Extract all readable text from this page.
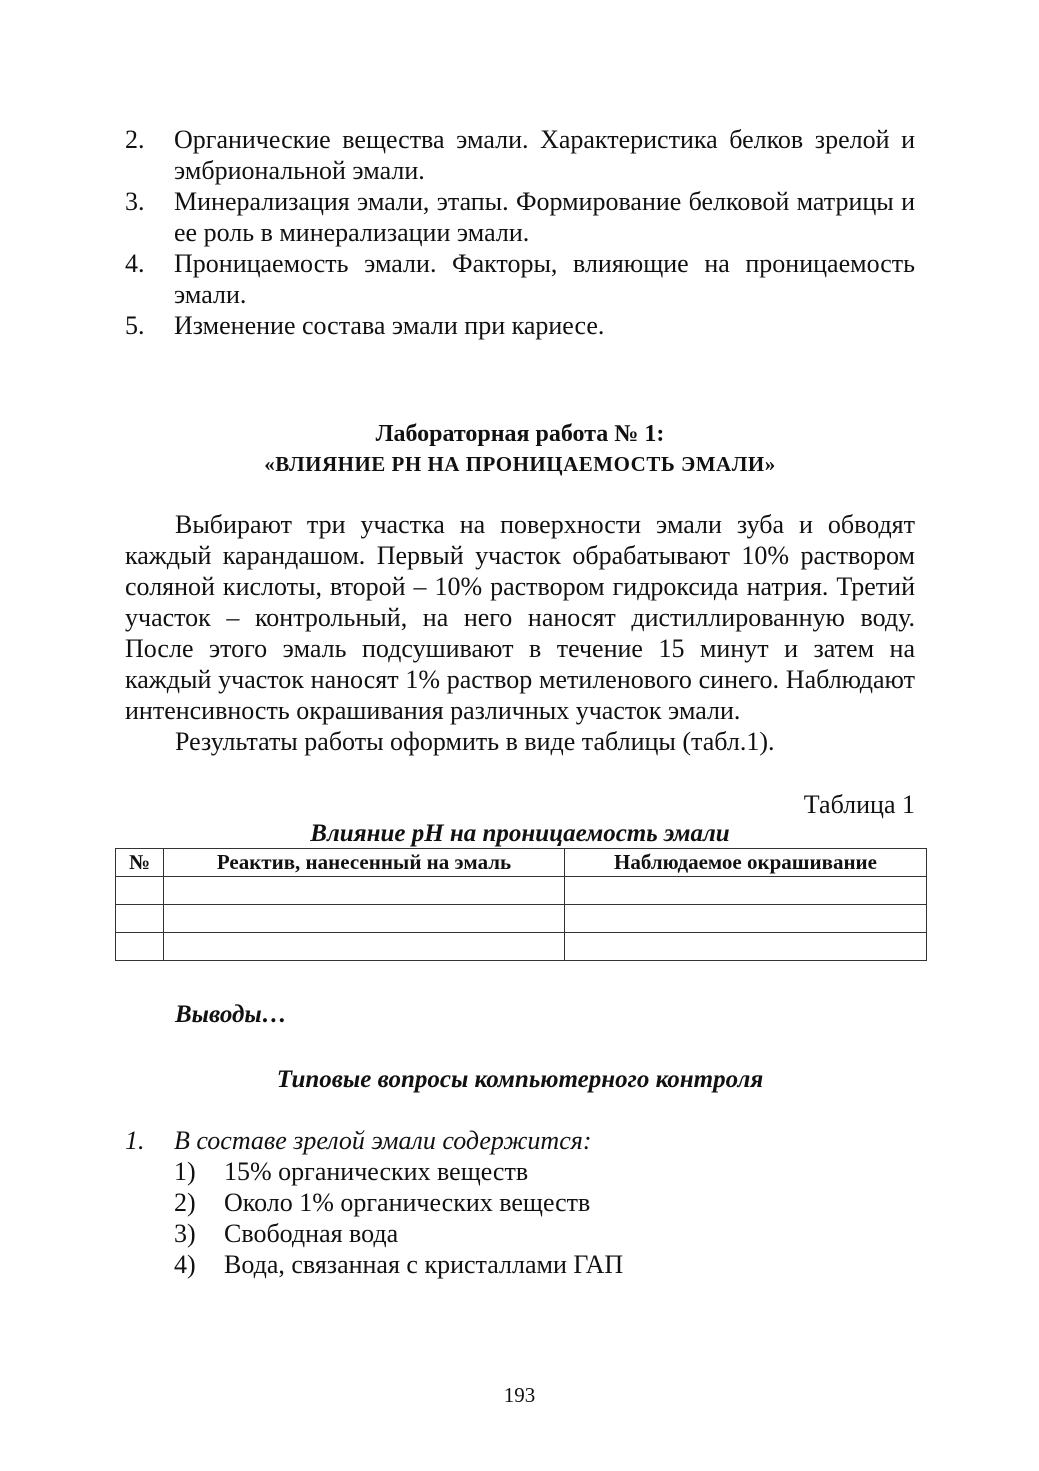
2.	Органические вещества эмали. Характеристика белков зрелой и эмбриональной эмали.
3.	Минерализация эмали, этапы. Формирование белковой матрицы и ее роль в минерализации эмали.
4.	Проницаемость эмали. Факторы, влияющие на проницаемость эмали.
5.	Изменение состава эмали при кариесе.
Лабораторная работа № 1:
«ВЛИЯНИЕ PH НА ПРОНИЦАЕМОСТЬ ЭМАЛИ»

Выбирают три участка на поверхности эмали зуба и обводят каждый карандашом. Первый участок обрабатывают 10% раствором соляной кислоты, второй – 10% раствором гидроксида натрия. Третий участок – контрольный, на него наносят дистиллированную воду. После этого эмаль подсушивают в течение 15 минут и затем на каждый участок наносят 1% раствор метиленового синего. Наблюдают интенсивность окрашивания различных участок эмали.

Результаты работы оформить в виде таблицы (табл.1).

Таблица 1
Влияние pH на проницаемость эмали
№	Реактив, нанесенный на эмаль	Наблюдаемое окрашивание

Выводы…
Типовые вопросы компьютерного контроля
1.	В составе зрелой эмали содержится:
1)	15% органических веществ
2)	Около 1% органических веществ
3)	Свободная вода
4)	Вода, связанная с кристаллами ГАП
193
